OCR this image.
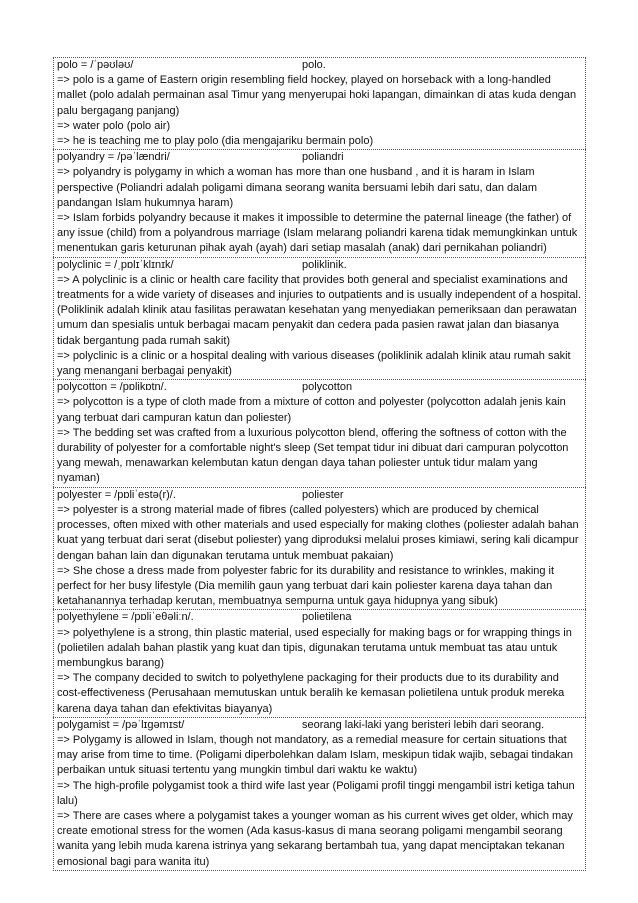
polo = /ˈpəʊləʊ/	polo.
=> polo is a game of Eastern origin resembling field hockey, played on horseback with a long-handled mallet (polo adalah permainan asal Timur yang menyerupai hoki lapangan, dimainkan di atas kuda dengan palu bergagang panjang)
=> water polo (polo air)
=> he is teaching me to play polo (dia mengajariku bermain polo)
polyandry = /pəˈlændri/	poliandri
=> polyandry is polygamy in which a woman has more than one husband , and it is haram in Islam perspective (Poliandri adalah poligami dimana seorang wanita bersuami lebih dari satu, dan dalam pandangan Islam hukumnya haram)
=> Islam forbids polyandry because it makes it impossible to determine the paternal lineage (the father) of any issue (child) from a polyandrous marriage (Islam melarang poliandri karena tidak memungkinkan untuk menentukan garis keturunan pihak ayah (ayah) dari setiap masalah (anak) dari pernikahan poliandri)
polyclinic = /ˌpɒlɪˈklɪnɪk/	poliklinik.
=> A polyclinic is a clinic or health care facility that provides both general and specialist examinations and treatments for a wide variety of diseases and injuries to outpatients and is usually independent of a hospital. (Poliklinik adalah klinik atau fasilitas perawatan kesehatan yang menyediakan pemeriksaan dan perawatan umum dan spesialis untuk berbagai macam penyakit dan cedera pada pasien rawat jalan dan biasanya tidak bergantung pada rumah sakit)
=> polyclinic is a clinic or a hospital dealing with various diseases (poliklinik adalah klinik atau rumah sakit yang menangani berbagai penyakit)
polycotton = /pɒlikɒtn/.	polycotton
=> polycotton is a type of cloth made from a mixture of cotton and polyester (polycotton adalah jenis kain yang terbuat dari campuran katun dan poliester)
=> The bedding set was crafted from a luxurious polycotton blend, offering the softness of cotton with the durability of polyester for a comfortable night's sleep (Set tempat tidur ini dibuat dari campuran polycotton yang mewah, menawarkan kelembutan katun dengan daya tahan poliester untuk tidur malam yang nyaman)
polyester = /pɒliˈestə(r)/.	poliester
=> polyester is a strong material made of fibres (called polyesters) which are produced by chemical processes, often mixed with other materials and used especially for making clothes (poliester adalah bahan kuat yang terbuat dari serat (disebut poliester) yang diproduksi melalui proses kimiawi, sering kali dicampur dengan bahan lain dan digunakan terutama untuk membuat pakaian)
=> She chose a dress made from polyester fabric for its durability and resistance to wrinkles, making it perfect for her busy lifestyle (Dia memilih gaun yang terbuat dari kain poliester karena daya tahan dan ketahanannya terhadap kerutan, membuatnya sempurna untuk gaya hidupnya yang sibuk)
polyethylene = /pɒliˈeθəliːn/.	polietilena
=> polyethylene is a strong, thin plastic material, used especially for making bags or for wrapping things in (polietilen adalah bahan plastik yang kuat dan tipis, digunakan terutama untuk membuat tas atau untuk membungkus barang)
=> The company decided to switch to polyethylene packaging for their products due to its durability and cost-effectiveness (Perusahaan memutuskan untuk beralih ke kemasan polietilena untuk produk mereka karena daya tahan dan efektivitas biayanya)
polygamist = /pəˈlɪɡəmɪst/	seorang laki-laki yang beristeri lebih dari seorang.
=> Polygamy is allowed in Islam, though not mandatory, as a remedial measure for certain situations that may arise from time to time. (Poligami diperbolehkan dalam Islam, meskipun tidak wajib, sebagai tindakan perbaikan untuk situasi tertentu yang mungkin timbul dari waktu ke waktu)
=> The high-profile polygamist took a third wife last year (Poligami profil tinggi mengambil istri ketiga tahun lalu)
=> There are cases where a polygamist takes a younger woman as his current wives get older, which may create emotional stress for the women (Ada kasus-kasus di mana seorang poligami mengambil seorang wanita yang lebih muda karena istrinya yang sekarang bertambah tua, yang dapat menciptakan tekanan emosional bagi para wanita itu)
